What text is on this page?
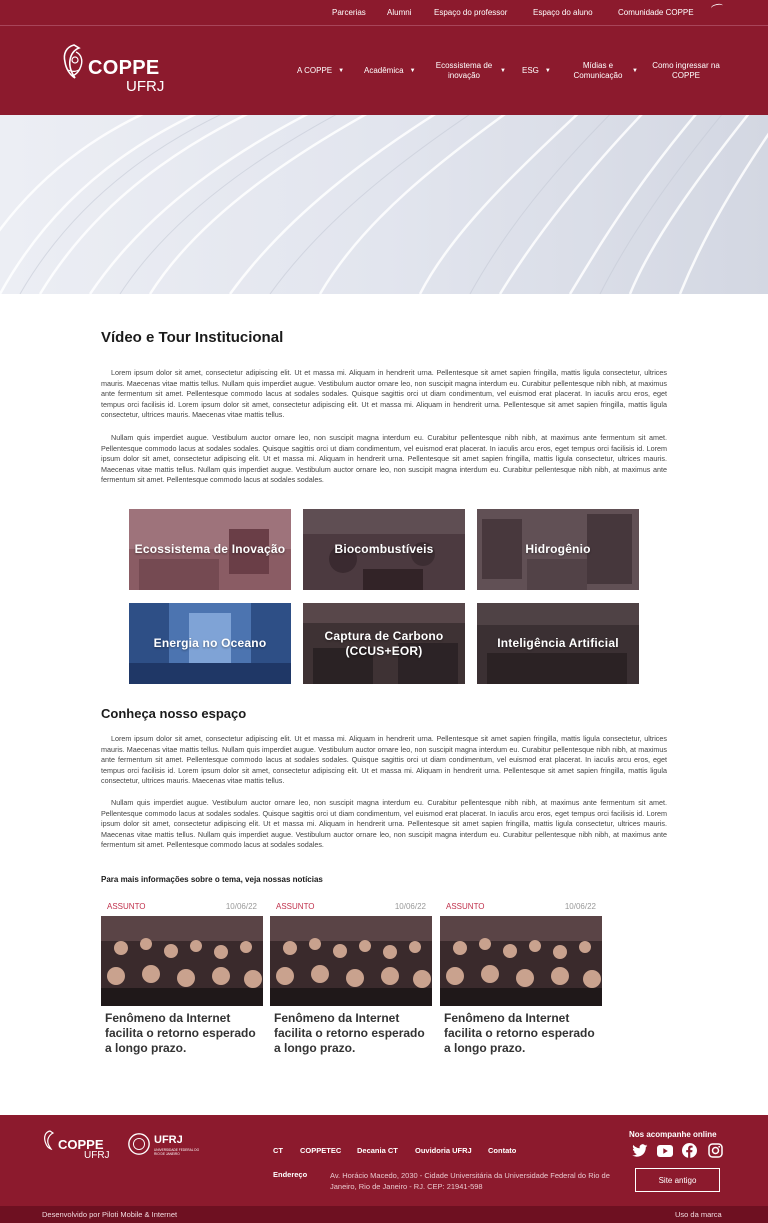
Parcerias	Alumni	Espaço do professor	Espaço do aluno	Comunidade COPPE
COPPE
UFRJ
A COPPE ▼ Acadêmica ▼
Ecossistema de inovação	▼ ESG ▼
Mídias e Comunicação	▼
Como ingressar na COPPE
Vídeo e Tour Institucional

Lorem ipsum dolor sit amet, consectetur adipiscing elit. Ut et massa mi. Aliquam in hendrerit urna. Pellentesque sit amet sapien fringilla, mattis ligula consectetur, ultrices mauris. Maecenas vitae mattis tellus. Nullam quis imperdiet augue. Vestibulum auctor ornare leo, non suscipit magna interdum eu. Curabitur pellentesque nibh nibh, at maximus ante fermentum sit amet. Pellentesque commodo lacus at sodales sodales. Quisque sagittis orci ut diam condimentum, vel euismod erat placerat. In iaculis arcu eros, eget tempus orci facilisis id. Lorem ipsum dolor sit amet, consectetur adipiscing elit. Ut et massa mi. Aliquam in hendrerit urna. Pellentesque sit amet sapien fringilla, mattis ligula consectetur, ultrices mauris. Maecenas vitae mattis tellus.

Nullam quis imperdiet augue. Vestibulum auctor ornare leo, non suscipit magna interdum eu. Curabitur pellentesque nibh nibh, at maximus ante fermentum sit amet. Pellentesque commodo lacus at sodales sodales. Quisque sagittis orci ut diam condimentum, vel euismod erat placerat. In iaculis arcu eros, eget tempus orci facilisis id. Lorem ipsum dolor sit amet, consectetur adipiscing elit. Ut et massa mi. Aliquam in hendrerit urna. Pellentesque sit amet sapien fringilla, mattis ligula consectetur, ultrices mauris. Maecenas vitae mattis tellus. Nullam quis imperdiet augue. Vestibulum auctor ornare leo, non suscipit magna interdum eu. Curabitur pellentesque nibh nibh, at maximus ante fermentum sit amet. Pellentesque commodo lacus at sodales sodales.

Ecossistema de Inovação	Biocombustíveis	Hidrogênio
Energia no Oceano
Captura de Carbono (CCUS+EOR)
Inteligência Artificial
Conheça nosso espaço

Lorem ipsum dolor sit amet, consectetur adipiscing elit. Ut et massa mi. Aliquam in hendrerit urna. Pellentesque sit amet sapien fringilla, mattis ligula consectetur, ultrices mauris. Maecenas vitae mattis tellus. Nullam quis imperdiet augue. Vestibulum auctor ornare leo, non suscipit magna interdum eu. Curabitur pellentesque nibh nibh, at maximus ante fermentum sit amet. Pellentesque commodo lacus at sodales sodales. Quisque sagittis orci ut diam condimentum, vel euismod erat placerat. In iaculis arcu eros, eget tempus orci facilisis id. Lorem ipsum dolor sit amet, consectetur adipiscing elit. Ut et massa mi. Aliquam in hendrerit urna. Pellentesque sit amet sapien fringilla, mattis ligula consectetur, ultrices mauris. Maecenas vitae mattis tellus.

Nullam quis imperdiet augue. Vestibulum auctor ornare leo, non suscipit magna interdum eu. Curabitur pellentesque nibh nibh, at maximus ante fermentum sit amet. Pellentesque commodo lacus at sodales sodales. Quisque sagittis orci ut diam condimentum, vel euismod erat placerat. In iaculis arcu eros, eget tempus orci facilisis id. Lorem ipsum dolor sit amet, consectetur adipiscing elit. Ut et massa mi. Aliquam in hendrerit urna. Pellentesque sit amet sapien fringilla, mattis ligula consectetur, ultrices mauris. Maecenas vitae mattis tellus. Nullam quis imperdiet augue. Vestibulum auctor ornare leo, non suscipit magna interdum eu. Curabitur pellentesque nibh nibh, at maximus ante fermentum sit amet. Pellentesque commodo lacus at sodales sodales.

Para mais informações sobre o tema, veja nossas notícias
ASSUNTO	10/06/22
Fenômeno da Internet facilita o retorno esperado a longo prazo.
ASSUNTO	10/06/22
Fenômeno da Internet facilita o retorno esperado a longo prazo.
ASSUNTO	10/06/22
Fenômeno da Internet facilita o retorno esperado a longo prazo.
COPPE
UFRJ
UFRJ
UNIVERSIDADE FEDERAL DO RIO DE JANEIRO	CT COPPETEC Decania CT Ouvidoria UFRJ Contato
Endereço	Av. Horácio Macedo, 2030 - Cidade Universitária da Universidade Federal do Rio de Janeiro, Rio de Janeiro - RJ. CEP: 21941-598

Nos acompanhe online
Site antigo
Desenvolvido por Piloti Mobile & Internet	Uso da marca
